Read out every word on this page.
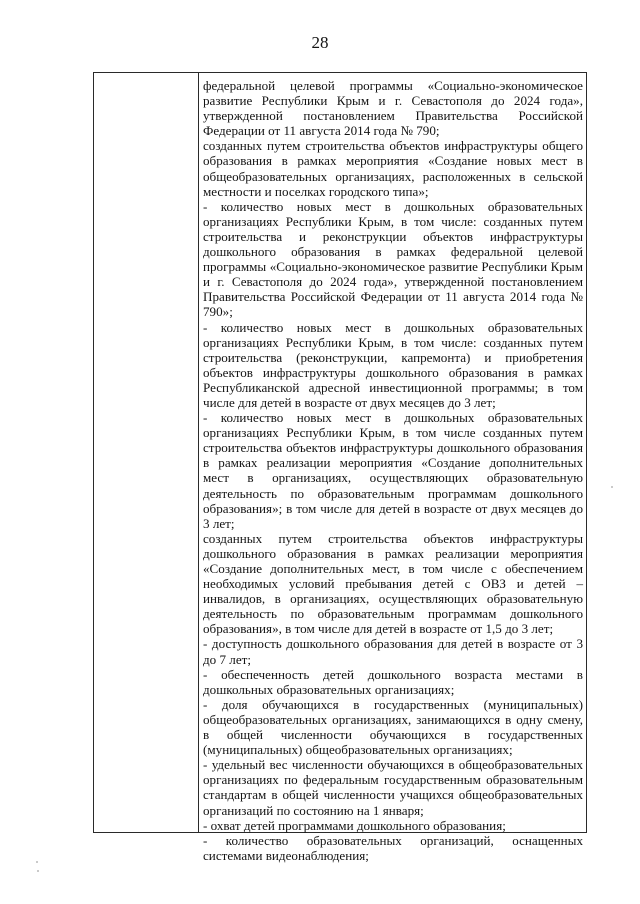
28

федеральной целевой программы «Социально-экономическое развитие Республики Крым и г. Севастополя до 2024 года», утвержденной постановлением Правительства Российской Федерации от 11 августа 2014 года № 790;

созданных путем строительства объектов инфраструктуры общего образования в рамках мероприятия «Создание новых мест в общеобразовательных организациях, расположенных в сельской местности и поселках городского типа»;

- количество новых мест в дошкольных образовательных организациях Республики Крым, в том числе: созданных путем строительства и реконструкции объектов инфраструктуры дошкольного образования в рамках федеральной целевой программы «Социально-экономическое развитие Республики Крым и г. Севастополя до 2024 года», утвержденной постановлением Правительства Российской Федерации от 11 августа 2014 года № 790»;

- количество новых мест в дошкольных образовательных организациях Республики Крым, в том числе: созданных путем строительства (реконструкции, капремонта) и приобретения объектов инфраструктуры дошкольного образования в рамках Республиканской адресной инвестиционной программы; в том числе для детей в возрасте от двух месяцев до 3 лет;

- количество новых мест в дошкольных образовательных организациях Республики Крым, в том числе созданных путем строительства объектов инфраструктуры дошкольного образования в рамках реализации мероприятия «Создание дополнительных мест в организациях, осуществляющих образовательную деятельность по образовательным программам дошкольного образования»; в том числе для детей в возрасте от двух месяцев до 3 лет;

созданных путем строительства объектов инфраструктуры дошкольного образования в рамках реализации мероприятия «Создание дополнительных мест, в том числе с обеспечением необходимых условий пребывания детей с ОВЗ и детей –инвалидов, в организациях, осуществляющих образовательную деятельность по образовательным программам дошкольного образования», в том числе для детей в возрасте от 1,5 до 3 лет;

- доступность дошкольного образования для детей в возрасте от 3 до 7 лет;

- обеспеченность детей дошкольного возраста местами в дошкольных образовательных организациях;

- доля обучающихся в государственных (муниципальных) общеобразовательных организациях, занимающихся в одну смену, в общей численности обучающихся в государственных (муниципальных) общеобразовательных организациях;

- удельный вес численности обучающихся в общеобразовательных организациях по федеральным государственным образовательным стандартам в общей численности учащихся общеобразовательных организаций по состоянию на 1 января;

- охват детей программами дошкольного образования;

- количество образовательных организаций, оснащенных системами видеонаблюдения;
